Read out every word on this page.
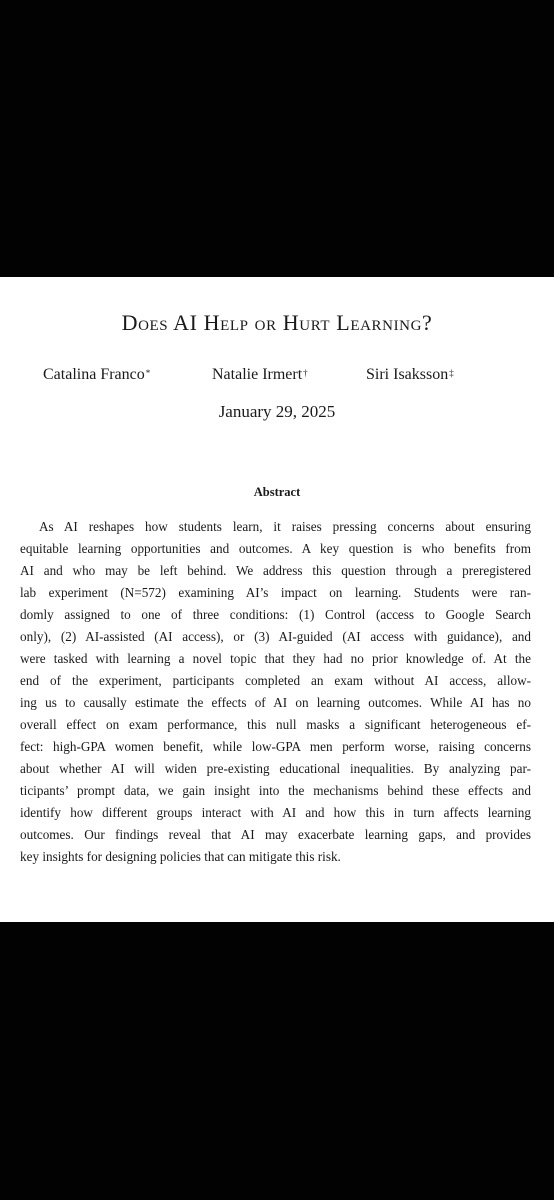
Does AI Help or Hurt Learning?
Catalina Franco*	Natalie Irmert†	Siri Isaksson‡
January 29, 2025
Abstract
As AI reshapes how students learn, it raises pressing concerns about ensuring
equitable learning opportunities and outcomes. A key question is who benefits from
AI and who may be left behind. We address this question through a preregistered
lab experiment (N=572) examining AI’s impact on learning. Students were ran-
domly assigned to one of three conditions: (1) Control (access to Google Search
only), (2) AI-assisted (AI access), or (3) AI-guided (AI access with guidance), and
were tasked with learning a novel topic that they had no prior knowledge of. At the
end of the experiment, participants completed an exam without AI access, allow-
ing us to causally estimate the effects of AI on learning outcomes. While AI has no
overall effect on exam performance, this null masks a significant heterogeneous ef-
fect: high-GPA women benefit, while low-GPA men perform worse, raising concerns
about whether AI will widen pre-existing educational inequalities. By analyzing par-
ticipants’ prompt data, we gain insight into the mechanisms behind these effects and
identify how different groups interact with AI and how this in turn affects learning
outcomes. Our findings reveal that AI may exacerbate learning gaps, and provides
key insights for designing policies that can mitigate this risk.
